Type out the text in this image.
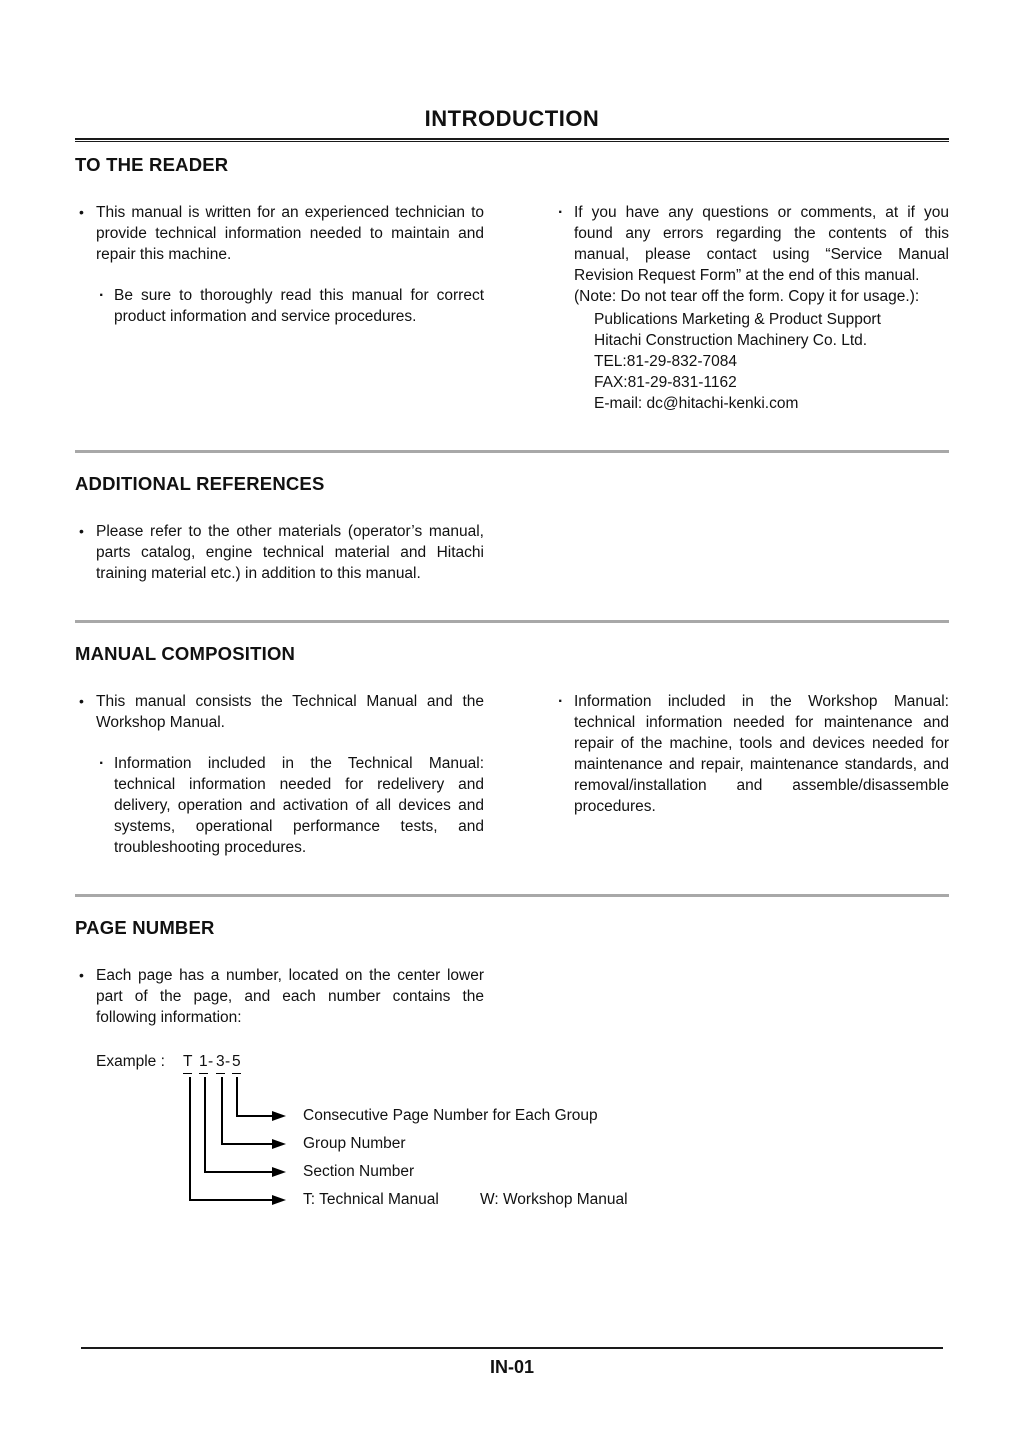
INTRODUCTION
TO THE READER
• This manual is written for an experienced technician to provide technical information needed to maintain and repair this machine.
· Be sure to thoroughly read this manual for correct product information and service procedures.
· If you have any questions or comments, at if you found any errors regarding the contents of this manual, please contact using “Service Manual Revision Request Form” at the end of this manual.

(Note: Do not tear off the form. Copy it for usage.):

Publications Marketing & Product Support
Hitachi Construction Machinery Co. Ltd.
TEL:81-29-832-7084
FAX:81-29-831-1162
E-mail: dc@hitachi-kenki.com
ADDITIONAL REFERENCES
• Please refer to the other materials (operator’s manual, parts catalog, engine technical material and Hitachi training material etc.) in addition to this manual.
MANUAL COMPOSITION
• This manual consists the Technical Manual and the Workshop Manual.
· Information included in the Technical Manual: technical information needed for redelivery and delivery, operation and activation of all devices and systems, operational performance tests, and troubleshooting procedures.
· Information included in the Workshop Manual: technical information needed for maintenance and repair of the machine, tools and devices needed for maintenance and repair, maintenance standards, and removal/installation and assemble/disassemble procedures.
PAGE NUMBER
• Each page has a number, located on the center lower part of the page, and each number contains the following information:
Example : T 1 - 3 - 5
Consecutive Page Number for Each Group
Group Number
Section Number
T: Technical Manual	W: Workshop Manual
IN-01
